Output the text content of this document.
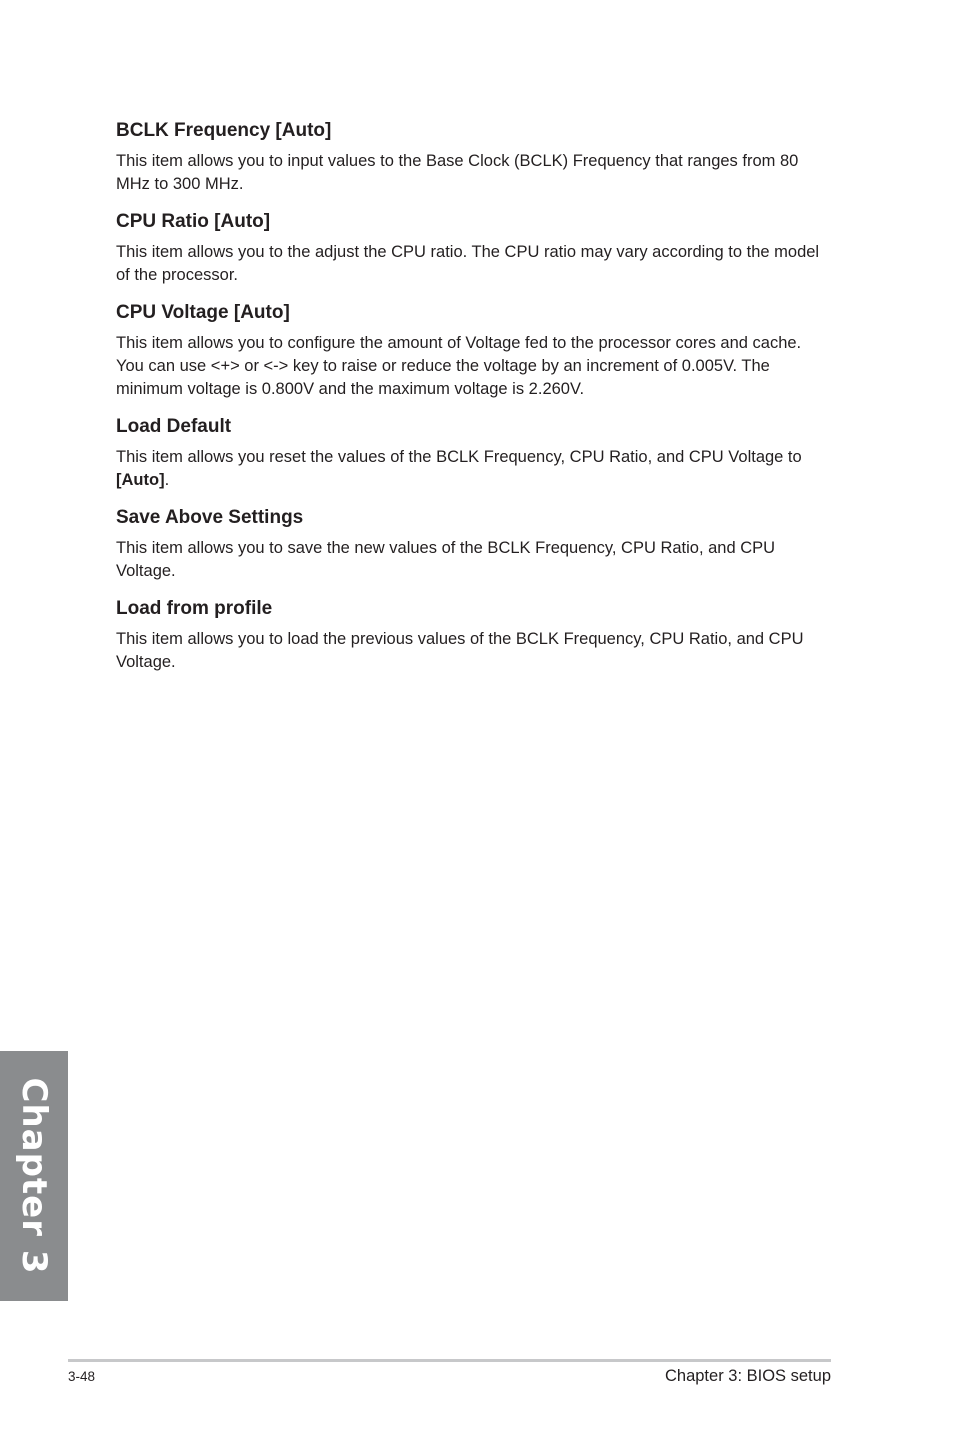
BCLK Frequency [Auto]

This item allows you to input values to the Base Clock (BCLK) Frequency that ranges from 80 MHz to 300 MHz.

CPU Ratio [Auto]

This item allows you to the adjust the CPU ratio. The CPU ratio may vary according to the model of the processor.

CPU Voltage [Auto]

This item allows you to configure the amount of Voltage fed to the processor cores and cache. You can use <+> or <-> key to raise or reduce the voltage by an increment of 0.005V. The minimum voltage is 0.800V and the maximum voltage is 2.260V.

Load Default

This item allows you reset the values of the BCLK Frequency, CPU Ratio, and CPU Voltage to [Auto].

Save Above Settings

This item allows you to save the new values of the BCLK Frequency, CPU Ratio, and CPU Voltage.

Load from profile

This item allows you to load the previous values of the BCLK Frequency, CPU Ratio, and CPU Voltage.

Chapter 3
3-48	Chapter 3: BIOS setup
